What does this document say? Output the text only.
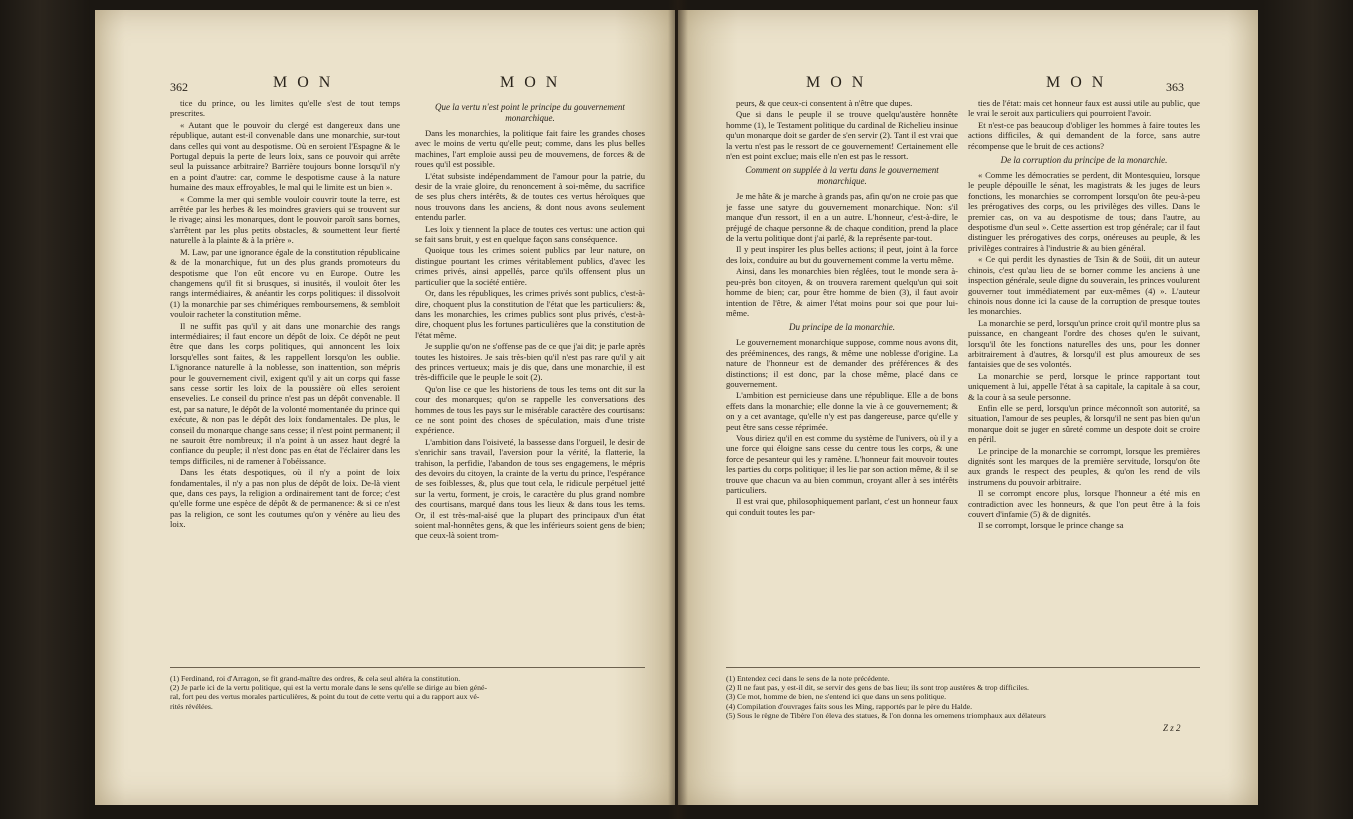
362	M O N	M O N

tice du prince, ou les limites qu'elle s'est de tout temps prescrites.

« Autant que le pouvoir du clergé est dangereux dans une république, autant est-il convenable dans une monarchie, sur-tout dans celles qui vont au despotisme. Où en seroient l'Espagne & le Portugal depuis la perte de leurs loix, sans ce pouvoir qui arrête seul la puissance arbitraire? Barrière toujours bonne lorsqu'il n'y en a point d'autre: car, comme le despotisme cause à la nature humaine des maux effroyables, le mal qui le limite est un bien ».

« Comme la mer qui semble vouloir couvrir toute la terre, est arrêtée par les herbes & les moindres graviers qui se trouvent sur le rivage; ainsi les monarques, dont le pouvoir paroît sans bornes, s'arrêtent par les plus petits obstacles, & soumettent leur fierté naturelle à la plainte & à la prière ».

M. Law, par une ignorance égale de la constitution républicaine & de la monarchique, fut un des plus grands promoteurs du despotisme que l'on eût encore vu en Europe. Outre les changemens qu'il fit si brusques, si inusités, il vouloit ôter les rangs intermédiaires, & anéantir les corps politiques: il dissolvoit (1) la monarchie par ses chimériques remboursemens, & sembloit vouloir racheter la constitution même.

Il ne suffit pas qu'il y ait dans une monarchie des rangs intermédiaires; il faut encore un dépôt de loix. Ce dépôt ne peut être que dans les corps politiques, qui annoncent les loix lorsqu'elles sont faites, & les rappellent lorsqu'on les oublie. L'ignorance naturelle à la noblesse, son inattention, son mépris pour le gouvernement civil, exigent qu'il y ait un corps qui fasse sans cesse sortir les loix de la poussière où elles seroient ensevelies. Le conseil du prince n'est pas un dépôt convenable. Il est, par sa nature, le dépôt de la volonté momentanée du prince qui exécute, & non pas le dépôt des loix fondamentales. De plus, le conseil du monarque change sans cesse; il n'est point permanent; il ne sauroit être nombreux; il n'a point à un assez haut degré la confiance du peuple; il n'est donc pas en état de l'éclairer dans les temps difficiles, ni de ramener à l'obéissance.

Dans les états despotiques, où il n'y a point de loix fondamentales, il n'y a pas non plus de dépôt de loix. De-là vient que, dans ces pays, la religion a ordinairement tant de force; c'est qu'elle forme une espèce de dépôt & de permanence: & si ce n'est pas la religion, ce sont les coutumes qu'on y vénère au lieu des loix.

Que la vertu n'est point le principe du gouvernement monarchique.

Dans les monarchies, la politique fait faire les grandes choses avec le moins de vertu qu'elle peut; comme, dans les plus belles machines, l'art emploie aussi peu de mouvemens, de forces & de roues qu'il est possible.

L'état subsiste indépendamment de l'amour pour la patrie, du desir de la vraie gloire, du renoncement à soi-même, du sacrifice de ses plus chers intérêts, & de toutes ces vertus héroïques que nous trouvons dans les anciens, & dont nous avons seulement entendu parler.

Les loix y tiennent la place de toutes ces vertus: une action qui se fait sans bruit, y est en quelque façon sans conséquence.

Quoique tous les crimes soient publics par leur nature, on distingue pourtant les crimes véritablement publics, d'avec les crimes privés, ainsi appellés, parce qu'ils offensent plus un particulier que la société entière.

Or, dans les républiques, les crimes privés sont publics, c'est-à-dire, choquent plus la constitution de l'état que les particuliers: &, dans les monarchies, les crimes publics sont plus privés, c'est-à-dire, choquent plus les fortunes particulières que la constitution de l'état même.

Je supplie qu'on ne s'offense pas de ce que j'ai dit; je parle après toutes les histoires. Je sais très-bien qu'il n'est pas rare qu'il y ait des princes vertueux; mais je dis que, dans une monarchie, il est très-difficile que le peuple le soit (2).

Qu'on lise ce que les historiens de tous les tems ont dit sur la cour des monarques; qu'on se rappelle les conversations des hommes de tous les pays sur le misérable caractère des courtisans: ce ne sont point des choses de spéculation, mais d'une triste expérience.

L'ambition dans l'oisiveté, la bassesse dans l'orgueil, le desir de s'enrichir sans travail, l'aversion pour la vérité, la flatterie, la trahison, la perfidie, l'abandon de tous ses engagemens, le mépris des devoirs du citoyen, la crainte de la vertu du prince, l'espérance de ses foiblesses, &, plus que tout cela, le ridicule perpétuel jetté sur la vertu, forment, je crois, le caractère du plus grand nombre des courtisans, marqué dans tous les lieux & dans tous les tems. Or, il est très-mal-aisé que la plupart des principaux d'un état soient mal-honnêtes gens, & que les inférieurs soient gens de bien; que ceux-là soient trom-

(1) Ferdinand, roi d'Arragon, se fit grand-maître des ordres, & cela seul altéra la constitution.
(2) Je parle ici de la vertu politique, qui est la vertu morale dans le sens qu'elle se dirige au bien géné-
ral, fort peu des vertus morales particulières, & point du tout de cette vertu qui a du rapport aux vé-
rités révélées.
M O N	M O N	363

peurs, & que ceux-ci consentent à n'être que dupes.

Que si dans le peuple il se trouve quelqu'austère honnête homme (1), le Testament politique du cardinal de Richelieu insinue qu'un monarque doit se garder de s'en servir (2). Tant il est vrai que la vertu n'est pas le ressort de ce gouvernement! Certainement elle n'en est point exclue; mais elle n'en est pas le ressort.

Comment on supplée à la vertu dans le gouvernement monarchique.

Je me hâte & je marche à grands pas, afin qu'on ne croie pas que je fasse une satyre du gouvernement monarchique. Non: s'il manque d'un ressort, il en a un autre. L'honneur, c'est-à-dire, le préjugé de chaque personne & de chaque condition, prend la place de la vertu politique dont j'ai parlé, & la représente par-tout.

Il y peut inspirer les plus belles actions; il peut, joint à la force des loix, conduire au but du gouvernement comme la vertu même.

Ainsi, dans les monarchies bien réglées, tout le monde sera à-peu-près bon citoyen, & on trouvera rarement quelqu'un qui soit homme de bien; car, pour être homme de bien (3), il faut avoir intention de l'être, & aimer l'état moins pour soi que pour lui-même.

Du principe de la monarchie.

Le gouvernement monarchique suppose, comme nous avons dit, des prééminences, des rangs, & même une noblesse d'origine. La nature de l'honneur est de demander des préférences & des distinctions; il est donc, par la chose même, placé dans ce gouvernement.

L'ambition est pernicieuse dans une république. Elle a de bons effets dans la monarchie; elle donne la vie à ce gouvernement; & on y a cet avantage, qu'elle n'y est pas dangereuse, parce qu'elle y peut être sans cesse réprimée.

Vous diriez qu'il en est comme du système de l'univers, où il y a une force qui éloigne sans cesse du centre tous les corps, & une force de pesanteur qui les y ramène. L'honneur fait mouvoir toutes les parties du corps politique; il les lie par son action même, & il se trouve que chacun va au bien commun, croyant aller à ses intérêts particuliers.

Il est vrai que, philosophiquement parlant, c'est un honneur faux qui conduit toutes les par-

ties de l'état: mais cet honneur faux est aussi utile au public, que le vrai le seroit aux particuliers qui pourroient l'avoir.

Et n'est-ce pas beaucoup d'obliger les hommes à faire toutes les actions difficiles, & qui demandent de la force, sans autre récompense que le bruit de ces actions?

De la corruption du principe de la monarchie.

« Comme les démocraties se perdent, dit Montesquieu, lorsque le peuple dépouille le sénat, les magistrats & les juges de leurs fonctions, les monarchies se corrompent lorsqu'on ôte peu-à-peu les prérogatives des corps, ou les privilèges des villes. Dans le premier cas, on va au despotisme de tous; dans l'autre, au despotisme d'un seul ». Cette assertion est trop générale; car il faut distinguer les prérogatives des corps, onéreuses au peuple, & les privilèges contraires à l'industrie & au bien général.

« Ce qui perdit les dynasties de Tsin & de Soüi, dit un auteur chinois, c'est qu'au lieu de se borner comme les anciens à une inspection générale, seule digne du souverain, les princes voulurent gouverner tout immédiatement par eux-mêmes (4) ». L'auteur chinois nous donne ici la cause de la corruption de presque toutes les monarchies.

La monarchie se perd, lorsqu'un prince croit qu'il montre plus sa puissance, en changeant l'ordre des choses qu'en le suivant, lorsqu'il ôte les fonctions naturelles des uns, pour les donner arbitrairement à d'autres, & lorsqu'il est plus amoureux de ses fantaisies que de ses volontés.

La monarchie se perd, lorsque le prince rapportant tout uniquement à lui, appelle l'état à sa capitale, la capitale à sa cour, & la cour à sa seule personne.

Enfin elle se perd, lorsqu'un prince méconnoît son autorité, sa situation, l'amour de ses peuples, & lorsqu'il ne sent pas bien qu'un monarque doit se juger en sûreté comme un despote doit se croire en péril.

Le principe de la monarchie se corrompt, lorsque les premières dignités sont les marques de la première servitude, lorsqu'on ôte aux grands le respect des peuples, & qu'on les rend de vils instrumens du pouvoir arbitraire.

Il se corrompt encore plus, lorsque l'honneur a été mis en contradiction avec les honneurs, & que l'on peut être à la fois couvert d'infamie (5) & de dignités.

Il se corrompt, lorsque le prince change sa

(1) Entendez ceci dans le sens de la note précédente.
(2) Il ne faut pas, y est-il dit, se servir des gens de bas lieu; ils sont trop austères & trop difficiles.
(3) Ce mot, homme de bien, ne s'entend ici que dans un sens politique.
(4) Compilation d'ouvrages faits sous les Ming, rapportés par le père du Halde.
(5) Sous le règne de Tibère l'on éleva des statues, & l'on donna les ornemens triomphaux aux délateurs
Z z 2
